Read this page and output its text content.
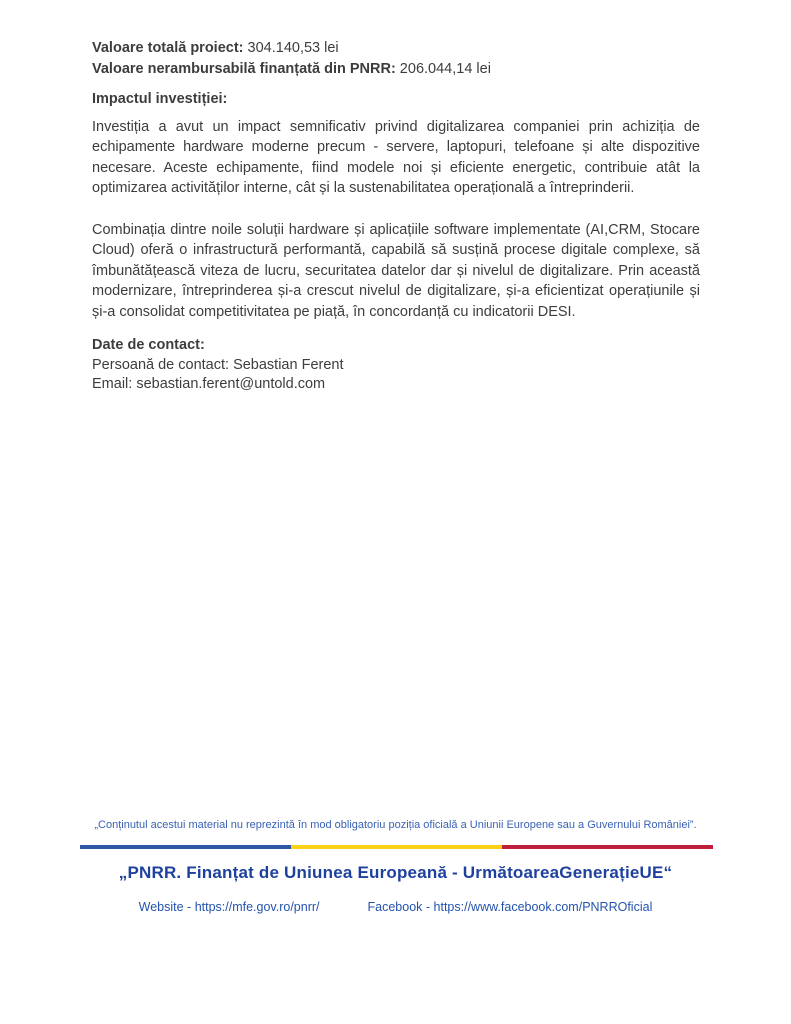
Valoare totală proiect: 304.140,53 lei
Valoare nerambursabilă finanțată din PNRR: 206.044,14 lei
Impactul investiției:

Investiția a avut un impact semnificativ privind digitalizarea companiei prin achiziția de echipamente hardware moderne precum - servere, laptopuri, telefoane și alte dispozitive necesare. Aceste echipamente, fiind modele noi și eficiente energetic, contribuie atât la optimizarea activităților interne, cât și la sustenabilitatea operațională a întreprinderii.

Combinația dintre noile soluții hardware și aplicațiile software implementate (AI,CRM, Stocare Cloud) oferă o infrastructură performantă, capabilă să susțină procese digitale complexe, să îmbunătățească viteza de lucru, securitatea datelor dar și nivelul de digitalizare. Prin această modernizare, întreprinderea și-a crescut nivelul de digitalizare, și-a eficientizat operațiunile și și-a consolidat competitivitatea pe piață, în concordanță cu indicatorii DESI.

Date de contact:
Persoană de contact: Sebastian Ferent
Email: sebastian.ferent@untold.com
„Conținutul acestui material nu reprezintă în mod obligatoriu poziția oficială a Uniunii Europene sau a Guvernului României”.
„PNRR. Finanțat de Uniunea Europeană - UrmătoareaGenerațieUE“
Website - https://mfe.gov.ro/pnrr/	Facebook - https://www.facebook.com/PNRROficial
